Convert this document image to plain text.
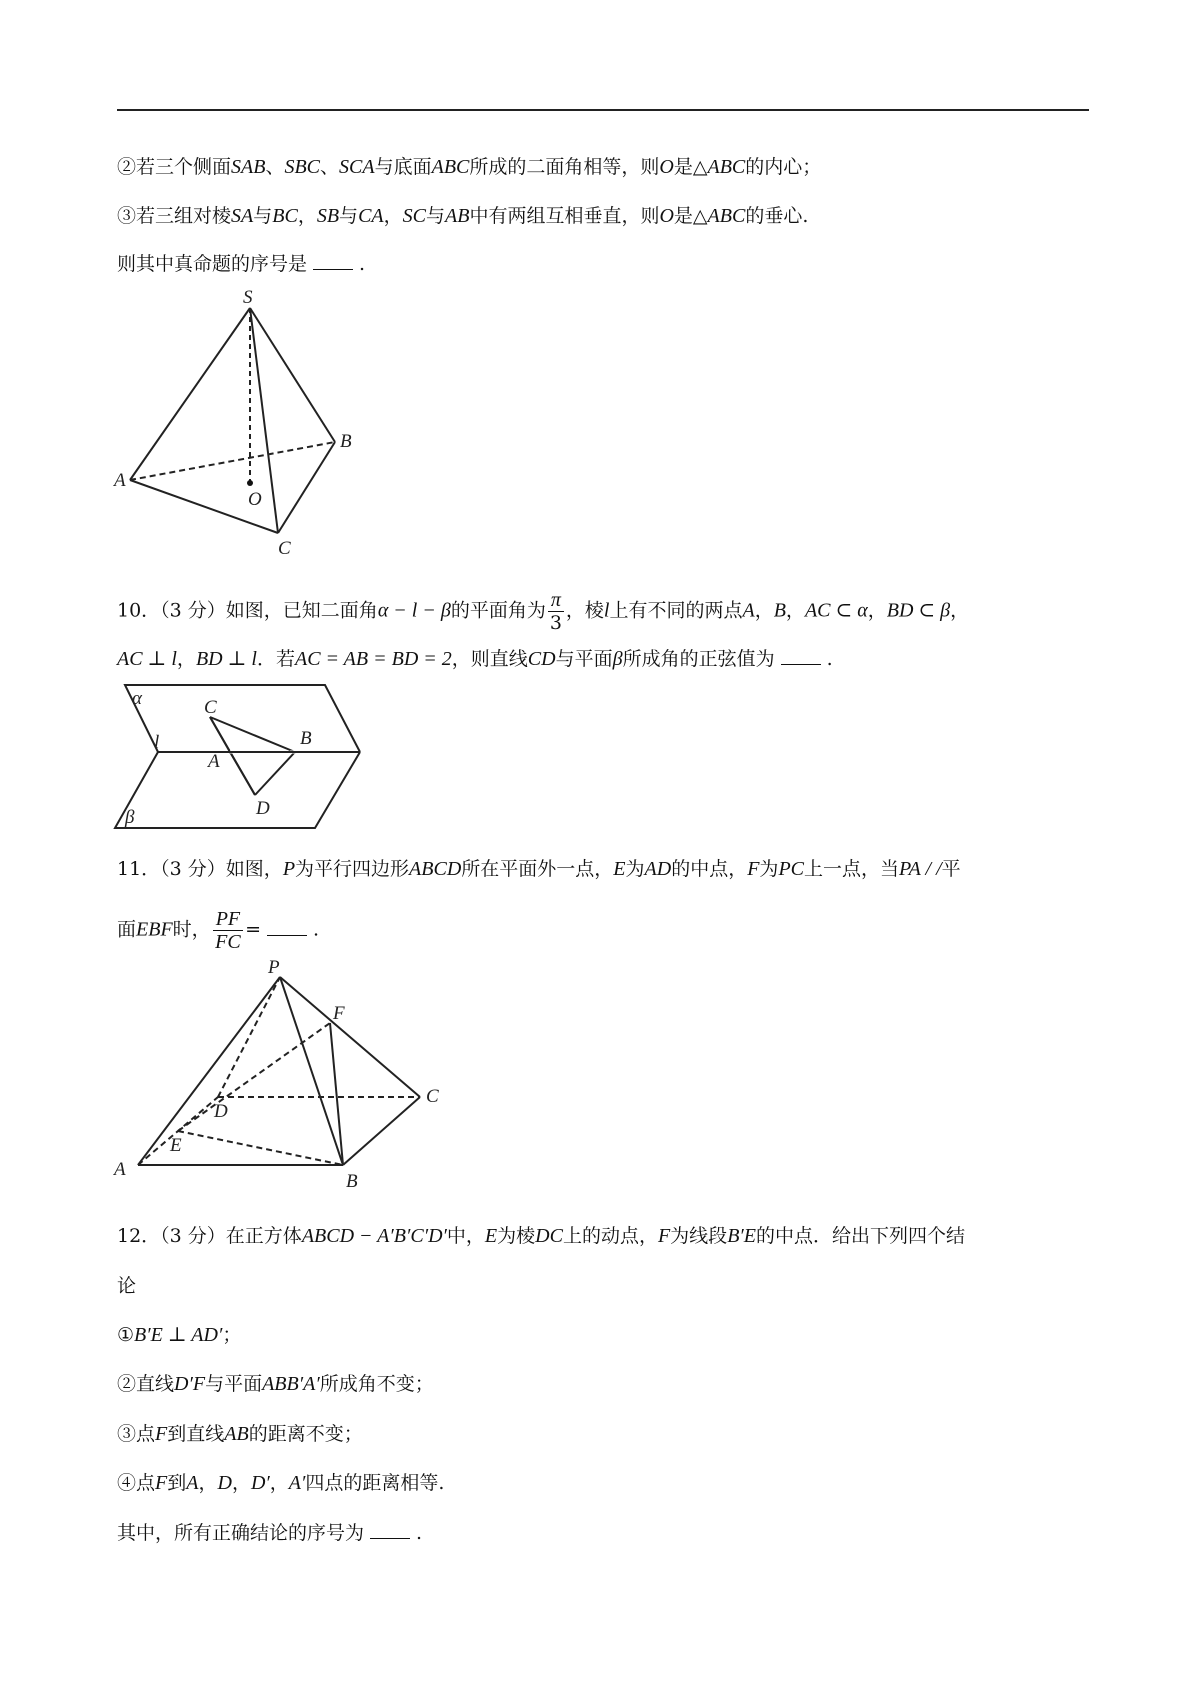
②若三个侧面SAB、SBC、SCA与底面ABC所成的二面角相等，则O是△ABC的内心；
③若三组对棱SA与BC，SB与CA，SC与AB中有两组互相垂直，则O是△ABC的垂心.
则其中真命题的序号是	.
S
A
B
C
O
10．（3 分）如图，已知二面角α − l − β的平面角为 $\frac{\pi}{3}$ ，棱l上有不同的两点A，B，AC ⊂ α，BD ⊂ β，
AC ⊥ l，BD ⊥ l．若AC = AB = BD = 2，则直线CD与平面β所成角的正弦值为	.
α
β
l
A
B
C
D
11．（3 分）如图，P为平行四边形ABCD所在平面外一点，E为AD的中点，F为PC上一点，当PA / /平
面EBF时， $\frac{PF}{FC}$ =	.
P
F
C
D
E
A
B
12．（3 分）在正方体ABCD − A′B′C′D′中，E为棱DC上的动点，F为线段B′E的中点．给出下列四个结
论
①B′E ⊥ AD′；
②直线D′F与平面ABB′A′所成角不变；
③点F到直线AB的距离不变；
④点F到A，D，D′，A′四点的距离相等.
其中，所有正确结论的序号为	.
